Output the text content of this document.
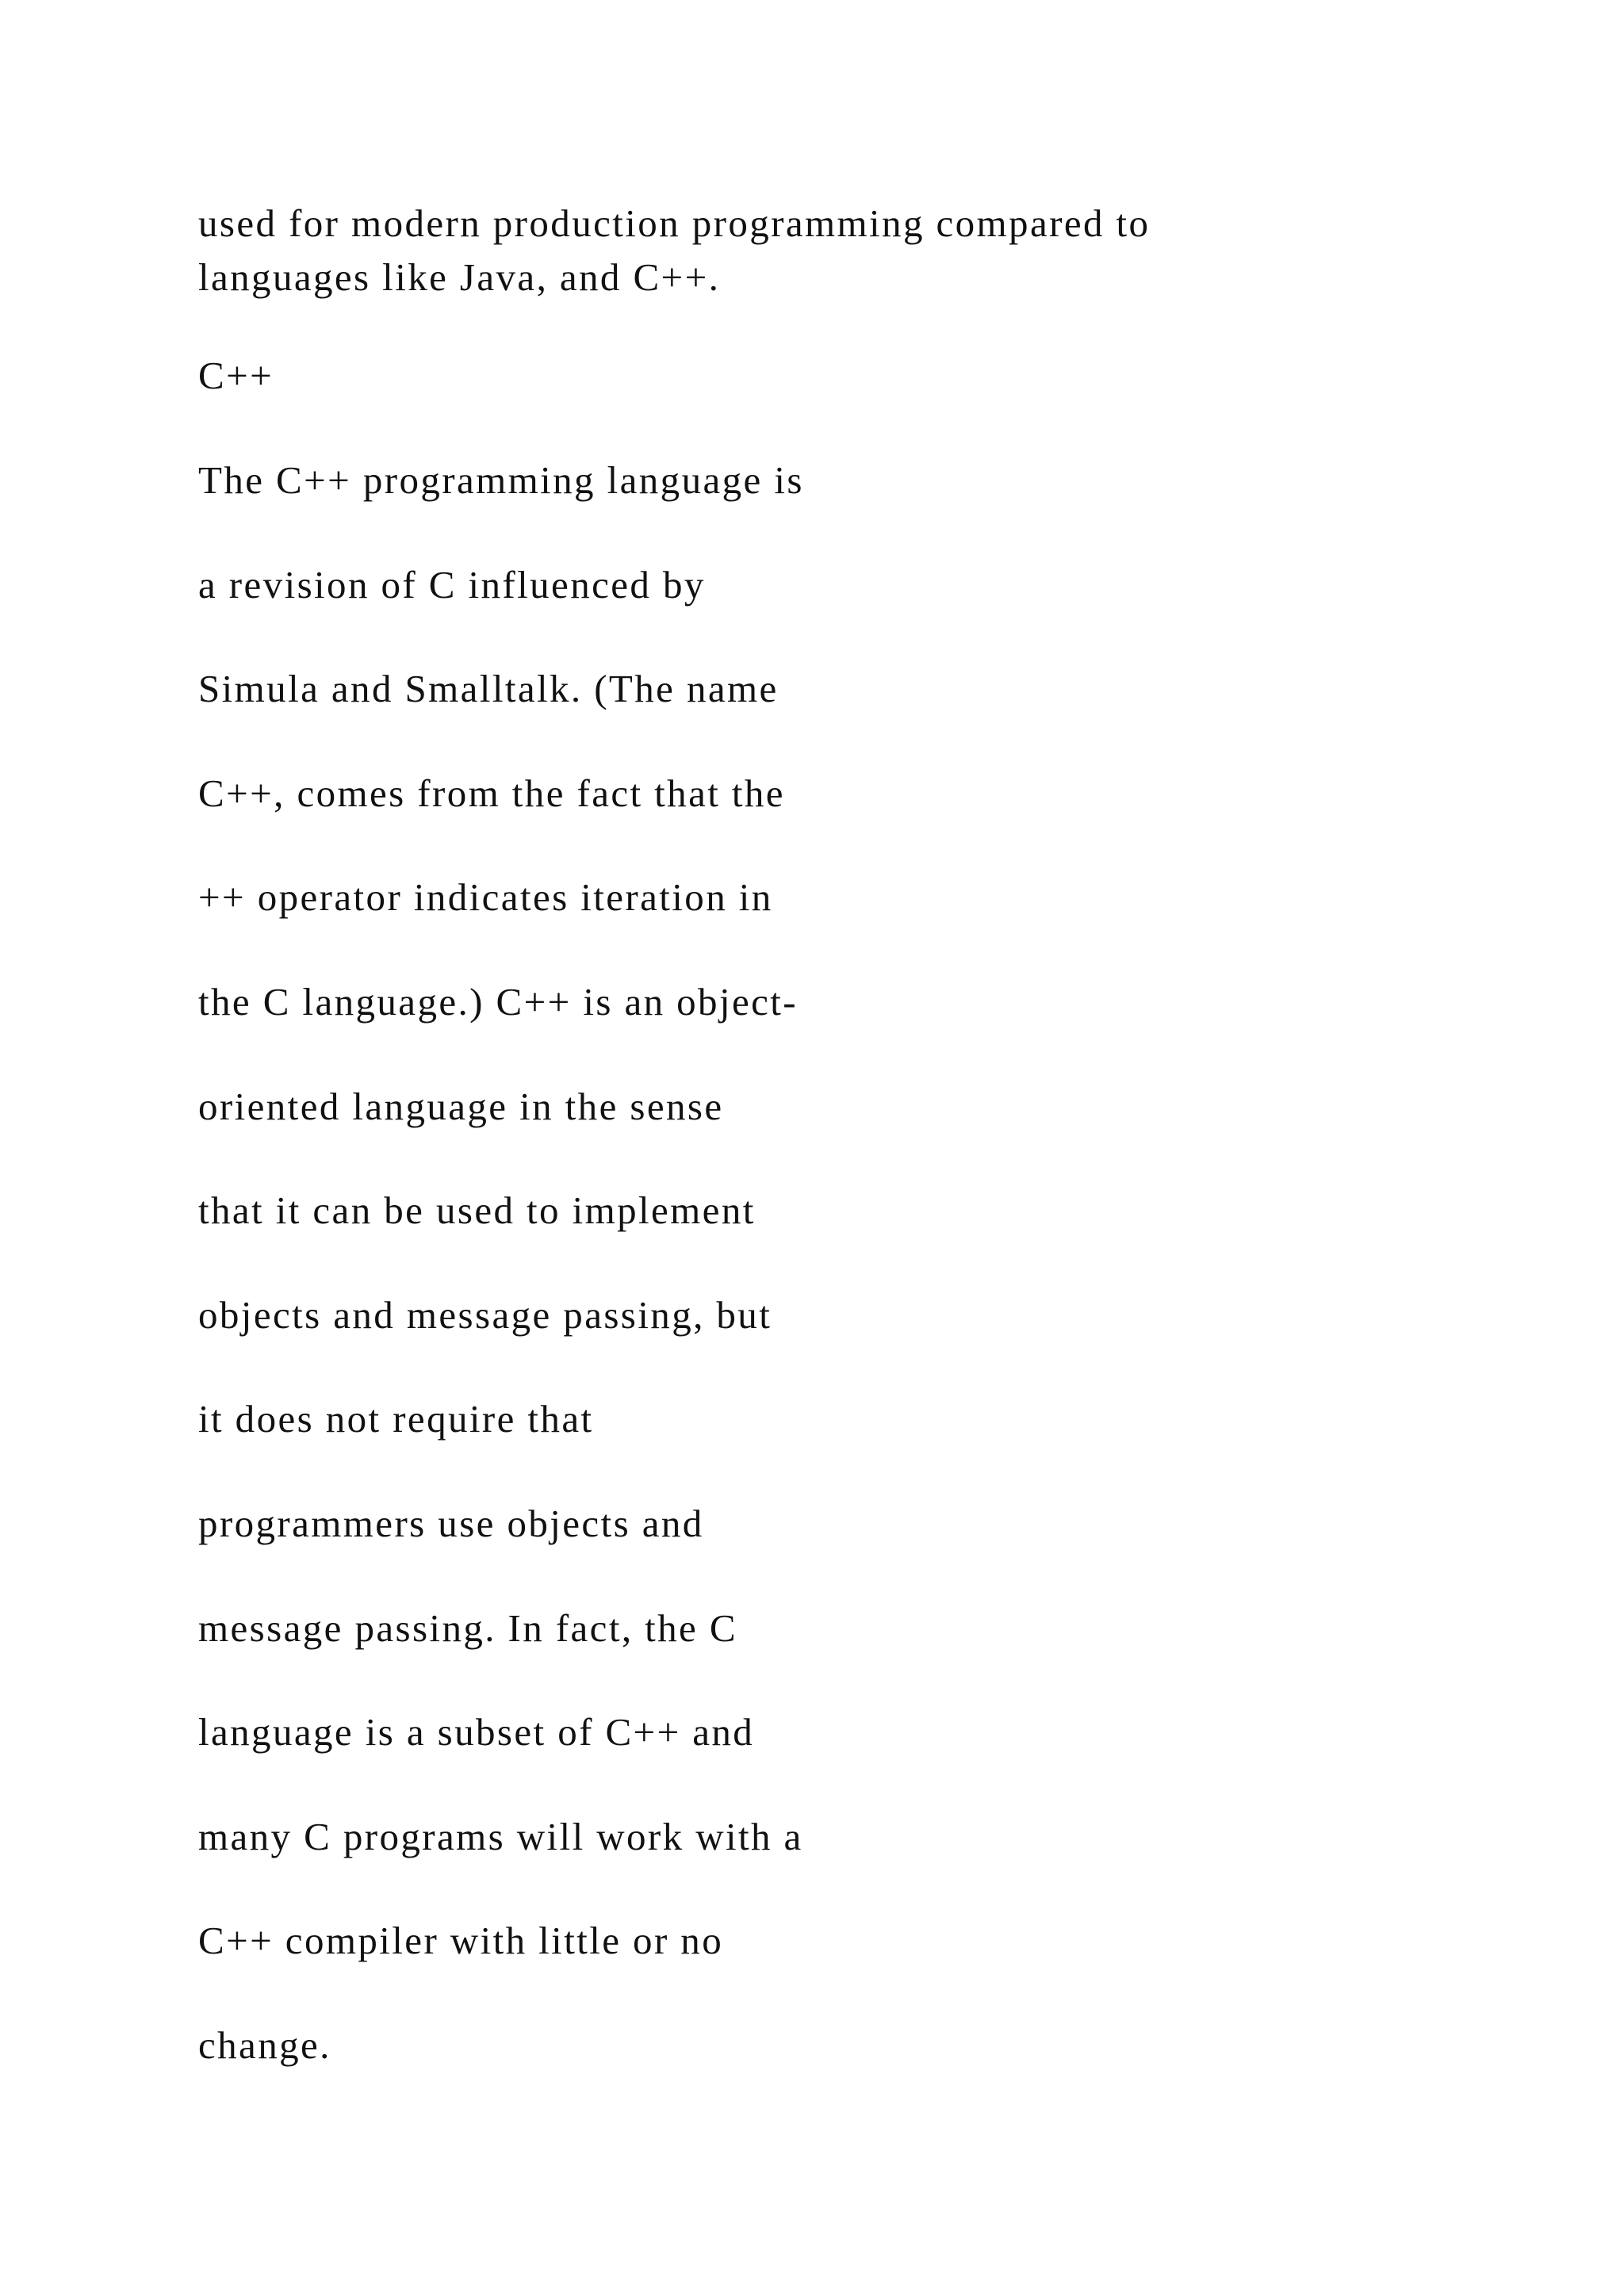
used for modern production programming compared to
languages like Java, and C++.

C++

The C++ programming language is
a revision of C influenced by
Simula and Smalltalk. (The name
C++, comes from the fact that the
++ operator indicates iteration in
the C language.) C++ is an object-
oriented language in the sense
that it can be used to implement
objects and message passing, but
it does not require that
programmers use objects and
message passing. In fact, the C
language is a subset of C++ and
many C programs will work with a
C++ compiler with little or no
change.
